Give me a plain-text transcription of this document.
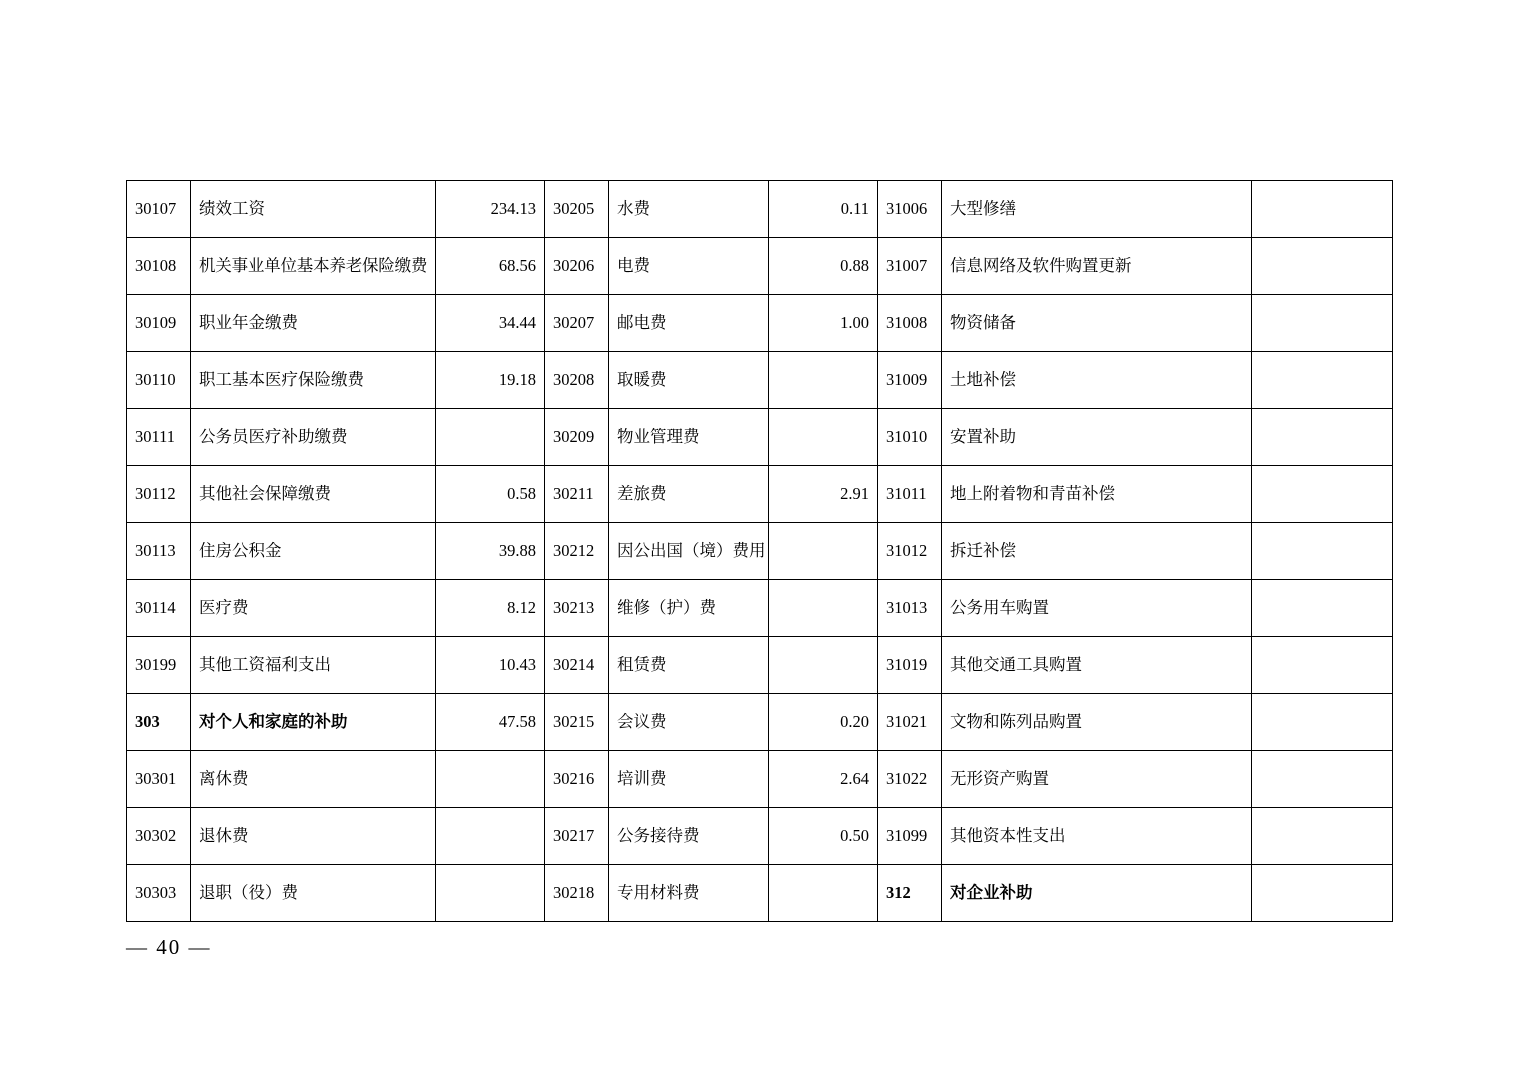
30107	绩效工资	234.13	30205	水费	0.11	31006	大型修缮	
30108	机关事业单位基本养老保险缴费	68.56	30206	电费	0.88	31007	信息网络及软件购置更新	
30109	职业年金缴费	34.44	30207	邮电费	1.00	31008	物资储备	
30110	职工基本医疗保险缴费	19.18	30208	取暖费		31009	土地补偿	
30111	公务员医疗补助缴费		30209	物业管理费		31010	安置补助	
30112	其他社会保障缴费	0.58	30211	差旅费	2.91	31011	地上附着物和青苗补偿	
30113	住房公积金	39.88	30212	因公出国（境）费用		31012	拆迁补偿	
30114	医疗费	8.12	30213	维修（护）费		31013	公务用车购置	
30199	其他工资福利支出	10.43	30214	租赁费		31019	其他交通工具购置	
303	对个人和家庭的补助	47.58	30215	会议费	0.20	31021	文物和陈列品购置	
30301	离休费		30216	培训费	2.64	31022	无形资产购置	
30302	退休费		30217	公务接待费	0.50	31099	其他资本性支出	
30303	退职（役）费		30218	专用材料费		312	对企业补助	
— 40 —
